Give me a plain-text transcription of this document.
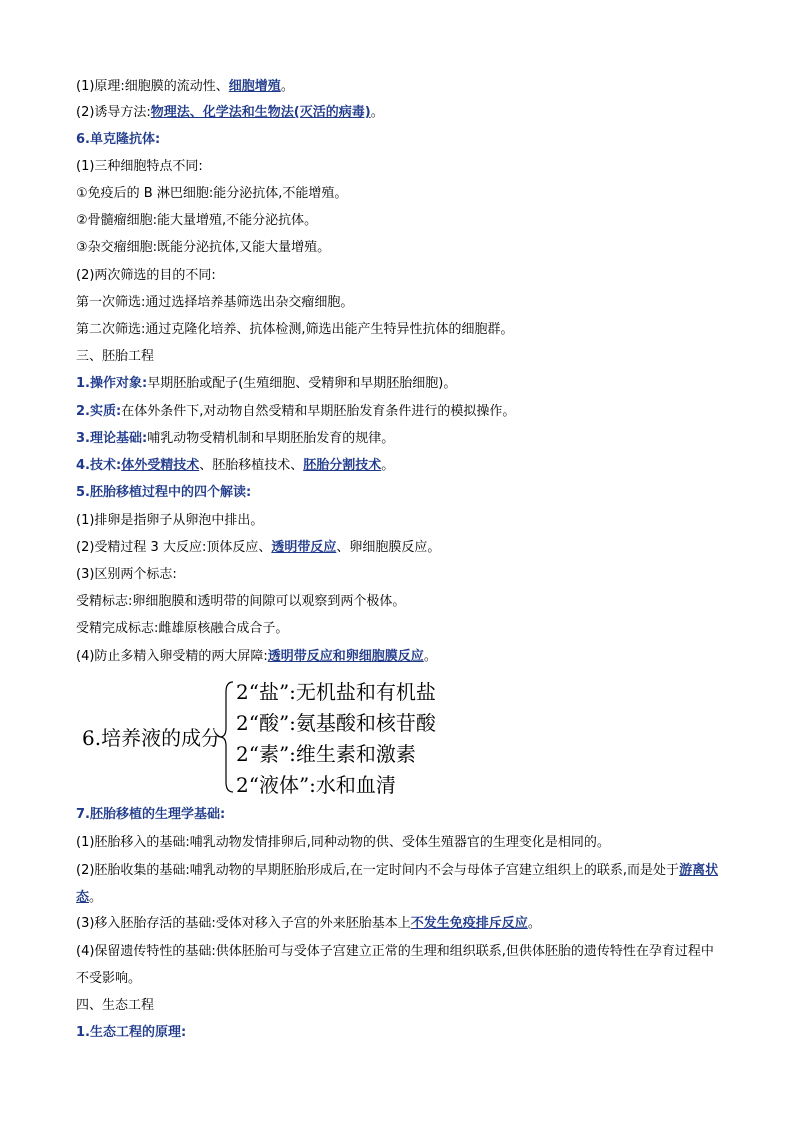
(1)原理:细胞膜的流动性、细胞增殖。
(2)诱导方法:物理法、化学法和生物法(灭活的病毒)。
6.单克隆抗体:
(1)三种细胞特点不同:
①免疫后的 B 淋巴细胞:能分泌抗体,不能增殖。
②骨髓瘤细胞:能大量增殖,不能分泌抗体。
③杂交瘤细胞:既能分泌抗体,又能大量增殖。
(2)两次筛选的目的不同:
第一次筛选:通过选择培养基筛选出杂交瘤细胞。
第二次筛选:通过克隆化培养、抗体检测,筛选出能产生特异性抗体的细胞群。
三、胚胎工程
1.操作对象:早期胚胎或配子(生殖细胞、受精卵和早期胚胎细胞)。
2.实质:在体外条件下,对动物自然受精和早期胚胎发育条件进行的模拟操作。
3.理论基础:哺乳动物受精机制和早期胚胎发育的规律。
4.技术:体外受精技术、胚胎移植技术、胚胎分割技术。
5.胚胎移植过程中的四个解读:
(1)排卵是指卵子从卵泡中排出。
(2)受精过程 3 大反应:顶体反应、透明带反应、卵细胞膜反应。
(3)区别两个标志:
受精标志:卵细胞膜和透明带的间隙可以观察到两个极体。
受精完成标志:雌雄原核融合成合子。
(4)防止多精入卵受精的两大屏障:透明带反应和卵细胞膜反应。
6.培养液的成分
2“盐”:无机盐和有机盐
2“酸”:氨基酸和核苷酸
2“素”:维生素和激素
2“液体”:水和血清
7.胚胎移植的生理学基础:
(1)胚胎移入的基础:哺乳动物发情排卵后,同种动物的供、受体生殖器官的生理变化是相同的。
(2)胚胎收集的基础:哺乳动物的早期胚胎形成后,在一定时间内不会与母体子宫建立组织上的联系,而是处于游离状态。
(3)移入胚胎存活的基础:受体对移入子宫的外来胚胎基本上不发生免疫排斥反应。
(4)保留遗传特性的基础:供体胚胎可与受体子宫建立正常的生理和组织联系,但供体胚胎的遗传特性在孕育过程中不受影响。
四、生态工程
1.生态工程的原理:
